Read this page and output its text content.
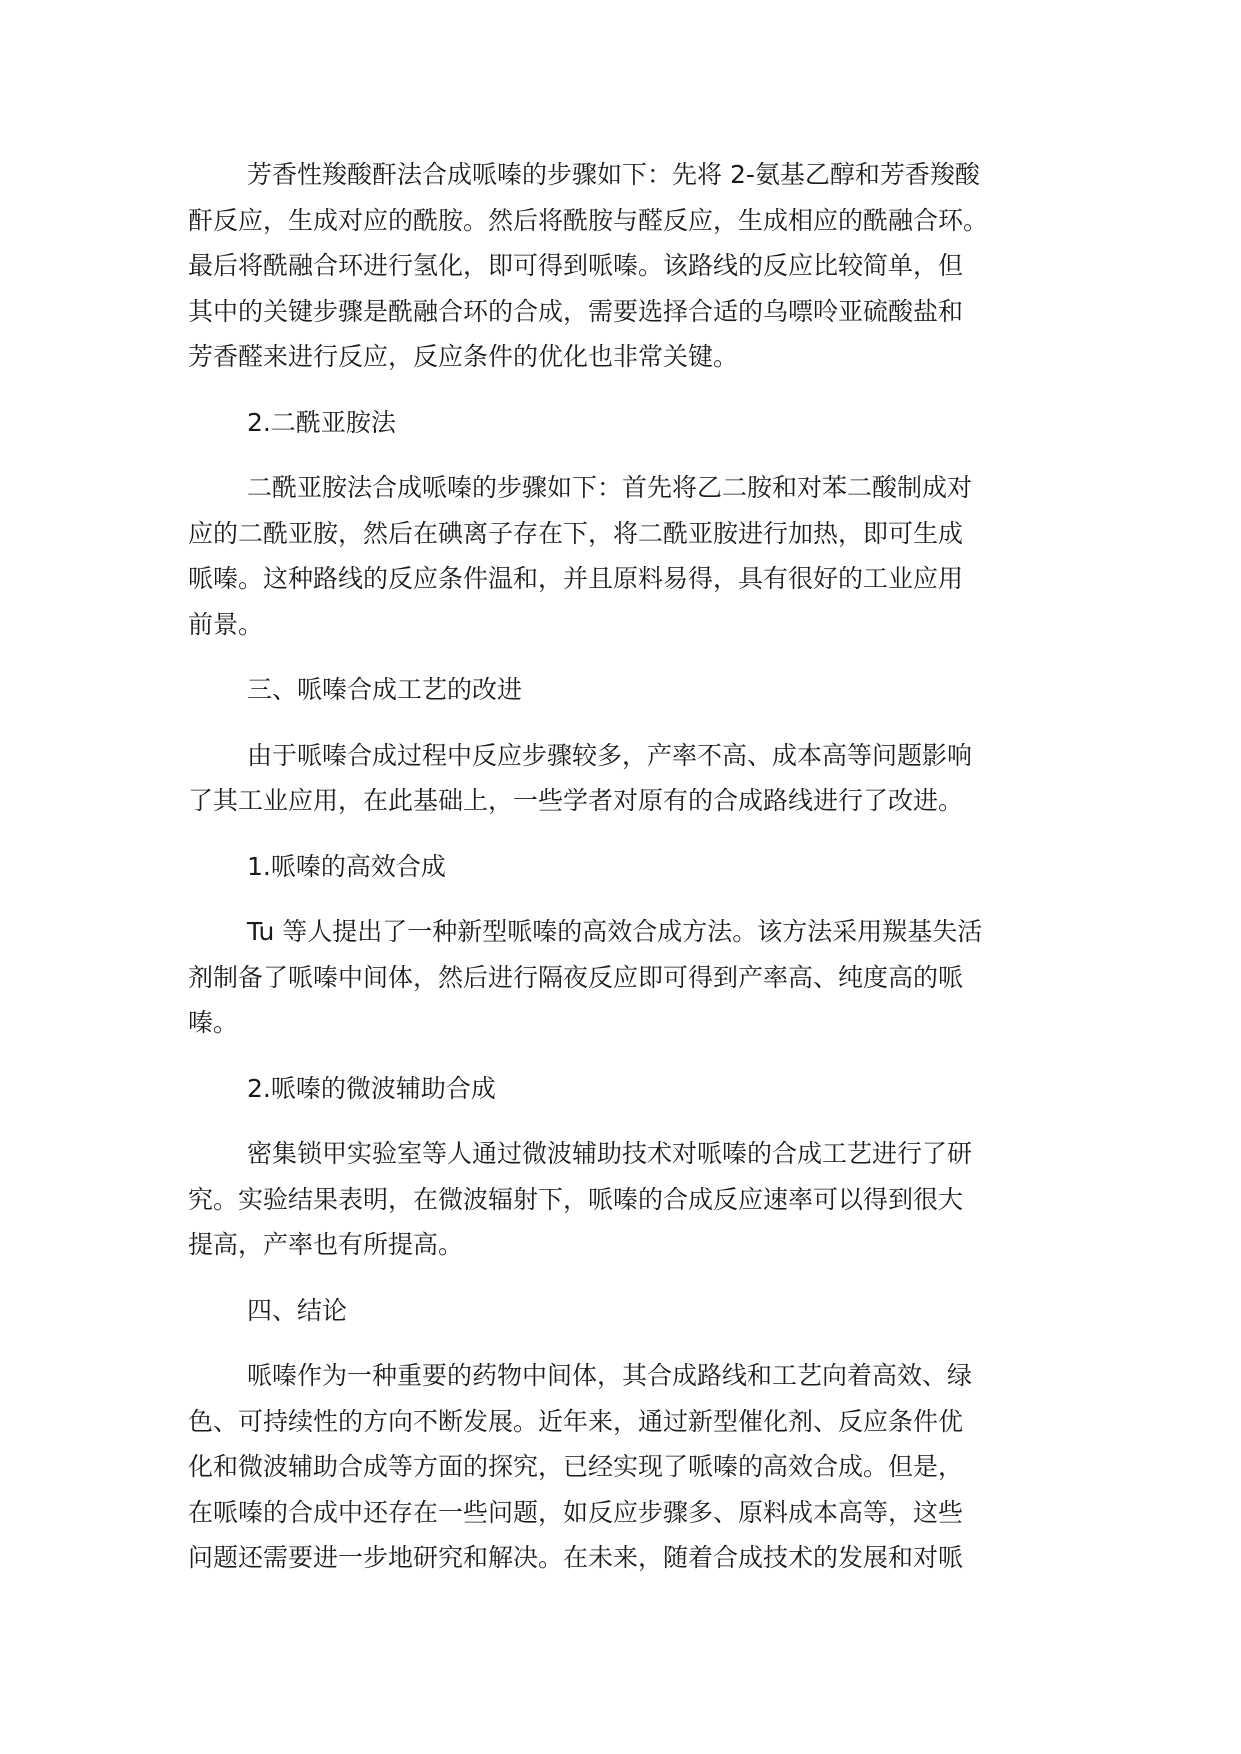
芳香性羧酸酐法合成哌嗪的步骤如下：先将 2-氨基乙醇和芳香羧酸
酐反应，生成对应的酰胺。然后将酰胺与醛反应，生成相应的酰融合环。
最后将酰融合环进行氢化，即可得到哌嗪。该路线的反应比较简单，但
其中的关键步骤是酰融合环的合成，需要选择合适的乌嘌呤亚硫酸盐和
芳香醛来进行反应，反应条件的优化也非常关键。
2.二酰亚胺法
二酰亚胺法合成哌嗪的步骤如下：首先将乙二胺和对苯二酸制成对
应的二酰亚胺，然后在碘离子存在下，将二酰亚胺进行加热，即可生成
哌嗪。这种路线的反应条件温和，并且原料易得，具有很好的工业应用
前景。
三、哌嗪合成工艺的改进
由于哌嗪合成过程中反应步骤较多，产率不高、成本高等问题影响
了其工业应用，在此基础上，一些学者对原有的合成路线进行了改进。
1.哌嗪的高效合成
Tu 等人提出了一种新型哌嗪的高效合成方法。该方法采用羰基失活
剂制备了哌嗪中间体，然后进行隔夜反应即可得到产率高、纯度高的哌
嗪。
2.哌嗪的微波辅助合成
密集锁甲实验室等人通过微波辅助技术对哌嗪的合成工艺进行了研
究。实验结果表明，在微波辐射下，哌嗪的合成反应速率可以得到很大
提高，产率也有所提高。
四、结论
哌嗪作为一种重要的药物中间体，其合成路线和工艺向着高效、绿
色、可持续性的方向不断发展。近年来，通过新型催化剂、反应条件优
化和微波辅助合成等方面的探究，已经实现了哌嗪的高效合成。但是，
在哌嗪的合成中还存在一些问题，如反应步骤多、原料成本高等，这些
问题还需要进一步地研究和解决。在未来，随着合成技术的发展和对哌
